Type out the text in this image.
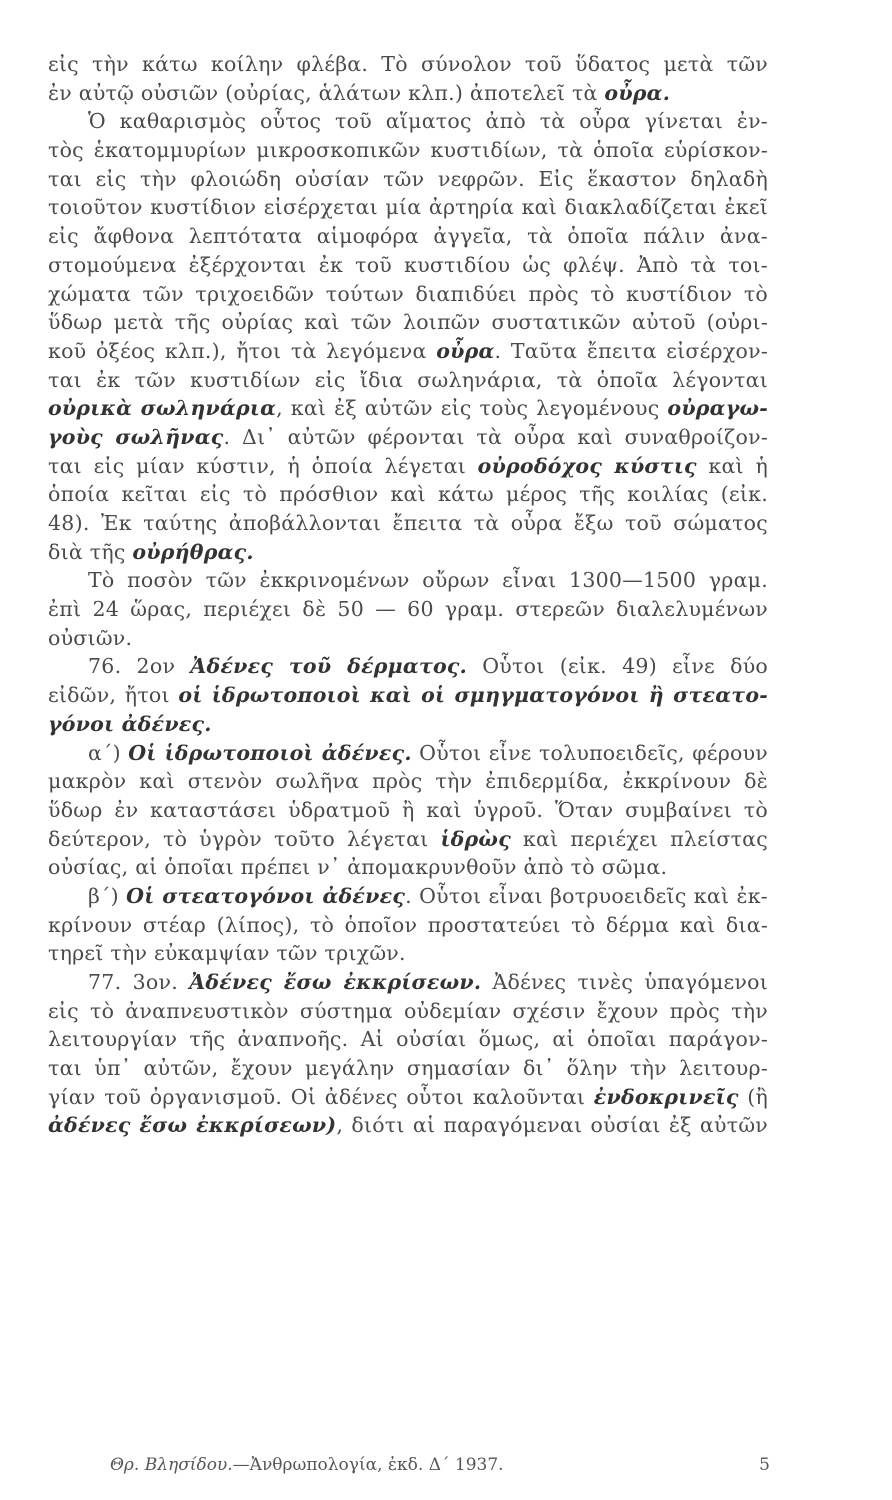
εἰς τὴν κάτω κοίλην φλέβα. Τὸ σύνολον τοῦ ὕδατος μετὰ τῶν
ἐν αὐτῷ οὐσιῶν (οὐρίας, ἁλάτων κλπ.) ἀποτελεῖ τὰ οὖρα.
Ὁ καθαρισμὸς οὗτος τοῦ αἵματος ἀπὸ τὰ οὖρα γίνεται ἐν-
τὸς ἑκατομμυρίων μικροσκοπικῶν κυστιδίων, τὰ ὁποῖα εὑρίσκον-
ται εἰς τὴν φλοιώδη οὐσίαν τῶν νεφρῶν. Εἰς ἕκαστον δηλαδὴ
τοιοῦτον κυστίδιον εἰσέρχεται μία ἀρτηρία καὶ διακλαδίζεται ἐκεῖ
εἰς ἄφθονα λεπτότατα αἱμοφόρα ἀγγεῖα, τὰ ὁποῖα πάλιν ἀνα-
στομούμενα ἐξέρχονται ἐκ τοῦ κυστιδίου ὡς φλέψ. Ἀπὸ τὰ τοι-
χώματα τῶν τριχοειδῶν τούτων διαπιδύει πρὸς τὸ κυστίδιον τὸ
ὕδωρ μετὰ τῆς οὐρίας καὶ τῶν λοιπῶν συστατικῶν αὐτοῦ (οὐρι-
κοῦ ὀξέος κλπ.), ἤτοι τὰ λεγόμενα οὖρα. Ταῦτα ἔπειτα εἰσέρχον-
ται ἐκ τῶν κυστιδίων εἰς ἴδια σωληνάρια, τὰ ὁποῖα λέγονται
οὐρικὰ σωληνάρια, καὶ ἐξ αὐτῶν εἰς τοὺς λεγομένους οὐραγω-
γοὺς σωλῆνας. Δι᾽ αὐτῶν φέρονται τὰ οὖρα καὶ συναθροίζον-
ται εἰς μίαν κύστιν, ἡ ὁποία λέγεται οὐροδόχος κύστις καὶ ἡ
ὁποία κεῖται εἰς τὸ πρόσθιον καὶ κάτω μέρος τῆς κοιλίας (εἰκ.
48). Ἐκ ταύτης ἀποβάλλονται ἔπειτα τὰ οὖρα ἔξω τοῦ σώματος
διὰ τῆς οὐρήθρας.
Τὸ ποσὸν τῶν ἐκκρινομένων οὔρων εἶναι 1300—1500 γραμ.
ἐπὶ 24 ὥρας, περιέχει δὲ 50 — 60 γραμ. στερεῶν διαλελυμένων
οὐσιῶν.
76. 2ον Ἀδένες τοῦ δέρματος. Οὗτοι (εἰκ. 49) εἶνε δύο
εἰδῶν, ἤτοι οἱ ἱδρωτοποιοὶ καὶ οἱ σμηγματογόνοι ἢ στεατο-
γόνοι ἀδένες.
α΄) Οἱ ἱδρωτοποιοὶ ἀδένες. Οὗτοι εἶνε τολυποειδεῖς, φέρουν
μακρὸν καὶ στενὸν σωλῆνα πρὸς τὴν ἐπιδερμίδα, ἐκκρίνουν δὲ
ὕδωρ ἐν καταστάσει ὑδρατμοῦ ἢ καὶ ὑγροῦ. Ὅταν συμβαίνει τὸ
δεύτερον, τὸ ὑγρὸν τοῦτο λέγεται ἱδρὼς καὶ περιέχει πλείστας
οὐσίας, αἱ ὁποῖαι πρέπει ν᾽ ἀπομακρυνθοῦν ἀπὸ τὸ σῶμα.
β΄) Οἱ στεατογόνοι ἀδένες. Οὗτοι εἶναι βοτρυοειδεῖς καὶ ἐκ-
κρίνουν στέαρ (λίπος), τὸ ὁποῖον προστατεύει τὸ δέρμα καὶ δια-
τηρεῖ τὴν εὐκαμψίαν τῶν τριχῶν.
77. 3ον. Ἀδένες ἔσω ἐκκρίσεων. Ἀδένες τινὲς ὑπαγόμενοι
εἰς τὸ ἀναπνευστικὸν σύστημα οὐδεμίαν σχέσιν ἔχουν πρὸς τὴν
λειτουργίαν τῆς ἀναπνοῆς. Αἱ οὐσίαι ὅμως, αἱ ὁποῖαι παράγον-
ται ὑπ᾽ αὐτῶν, ἔχουν μεγάλην σημασίαν δι᾽ ὅλην τὴν λειτουρ-
γίαν τοῦ ὀργανισμοῦ. Οἱ ἀδένες οὗτοι καλοῦνται ἐνδοκρινεῖς (ἢ
ἀδένες ἔσω ἐκκρίσεων), διότι αἱ παραγόμεναι οὐσίαι ἐξ αὐτῶν
Θρ. Βλησίδου.—Ἀνθρωπολογία, ἐκδ. Δ΄ 1937.	5
